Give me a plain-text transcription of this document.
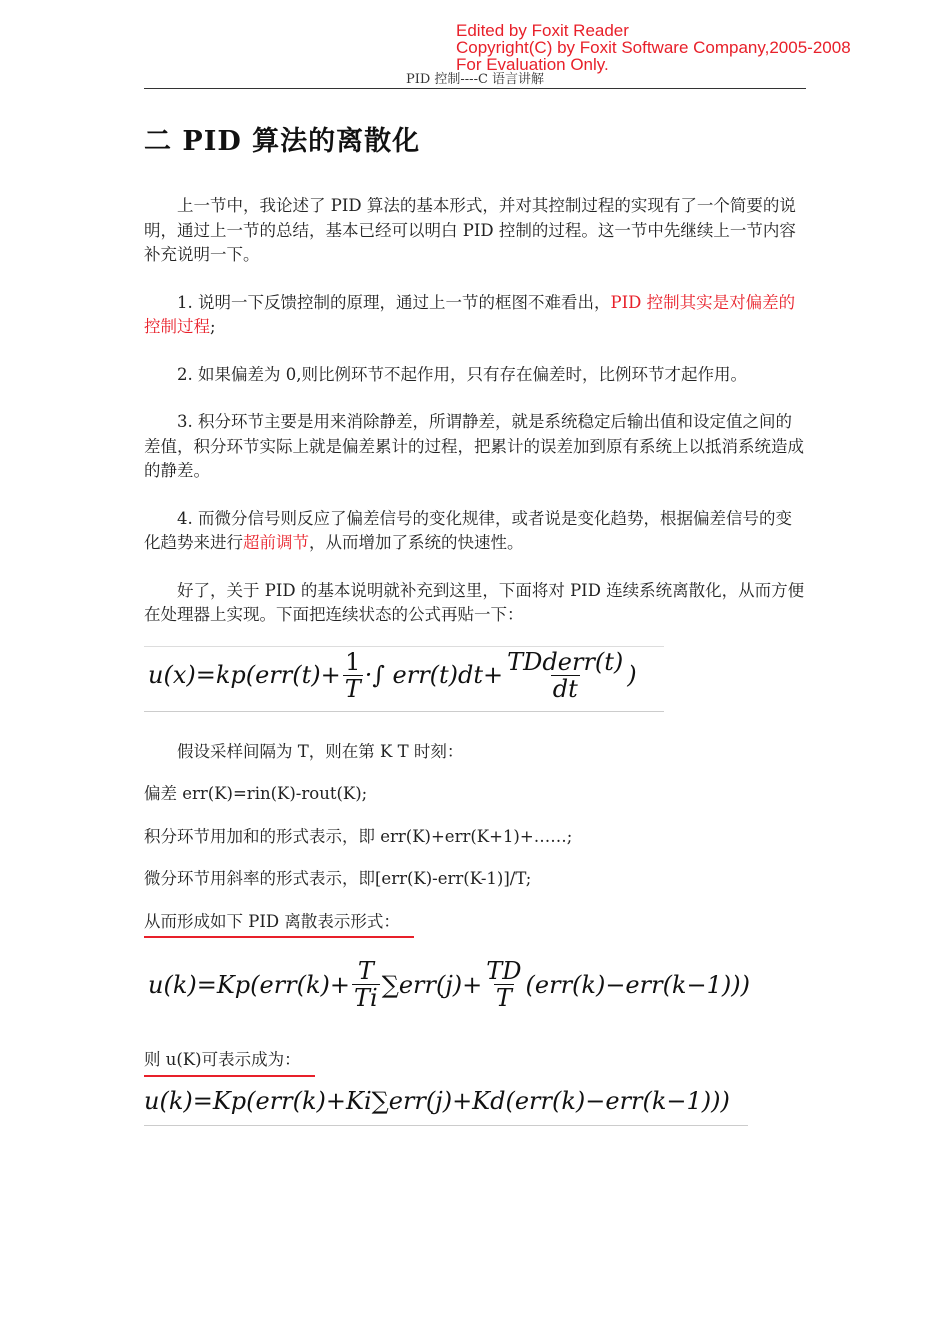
Edited by Foxit Reader
Copyright(C) by Foxit Software Company,2005-2008
For Evaluation Only.
PID 控制----C 语言讲解
二 PID 算法的离散化

上一节中，我论述了 PID 算法的基本形式，并对其控制过程的实现有了一个简要的说明，通过上一节的总结，基本已经可以明白 PID 控制的过程。这一节中先继续上一节内容补充说明一下。

1. 说明一下反馈控制的原理，通过上一节的框图不难看出，PID 控制其实是对偏差的控制过程;

2. 如果偏差为 0,则比例环节不起作用，只有存在偏差时，比例环节才起作用。

3. 积分环节主要是用来消除静差，所谓静差，就是系统稳定后输出值和设定值之间的差值，积分环节实际上就是偏差累计的过程，把累计的误差加到原有系统上以抵消系统造成的静差。

4. 而微分信号则反应了偏差信号的变化规律，或者说是变化趋势，根据偏差信号的变化趋势来进行超前调节，从而增加了系统的快速性。

好了，关于 PID 的基本说明就补充到这里，下面将对 PID 连续系统离散化，从而方便在处理器上实现。下面把连续状态的公式再贴一下：

$u(x)=kp(err(t)+ \frac{1}{T}$ ·∫ $err(t)dt+ \frac{\text{TDderr(t)}}{dt}$ )

假设采样间隔为 T，则在第 K T 时刻：

偏差 err(K)=rin(K)-rout(K);

积分环节用加和的形式表示，即 err(K)+err(K+1)+……;

微分环节用斜率的形式表示，即[err(K)-err(K-1)]/T;

从而形成如下 PID 离散表示形式：

$u(k)=Kp(err(k)+ \frac{T}{Ti} \sum err(j)+ \frac{TD}{T} (err(k)-err(k-1)))$

则 u(K)可表示成为：

u(k)=Kp(err(k)+Ki∑err(j)+Kd(err(k)−err(k−1)))
